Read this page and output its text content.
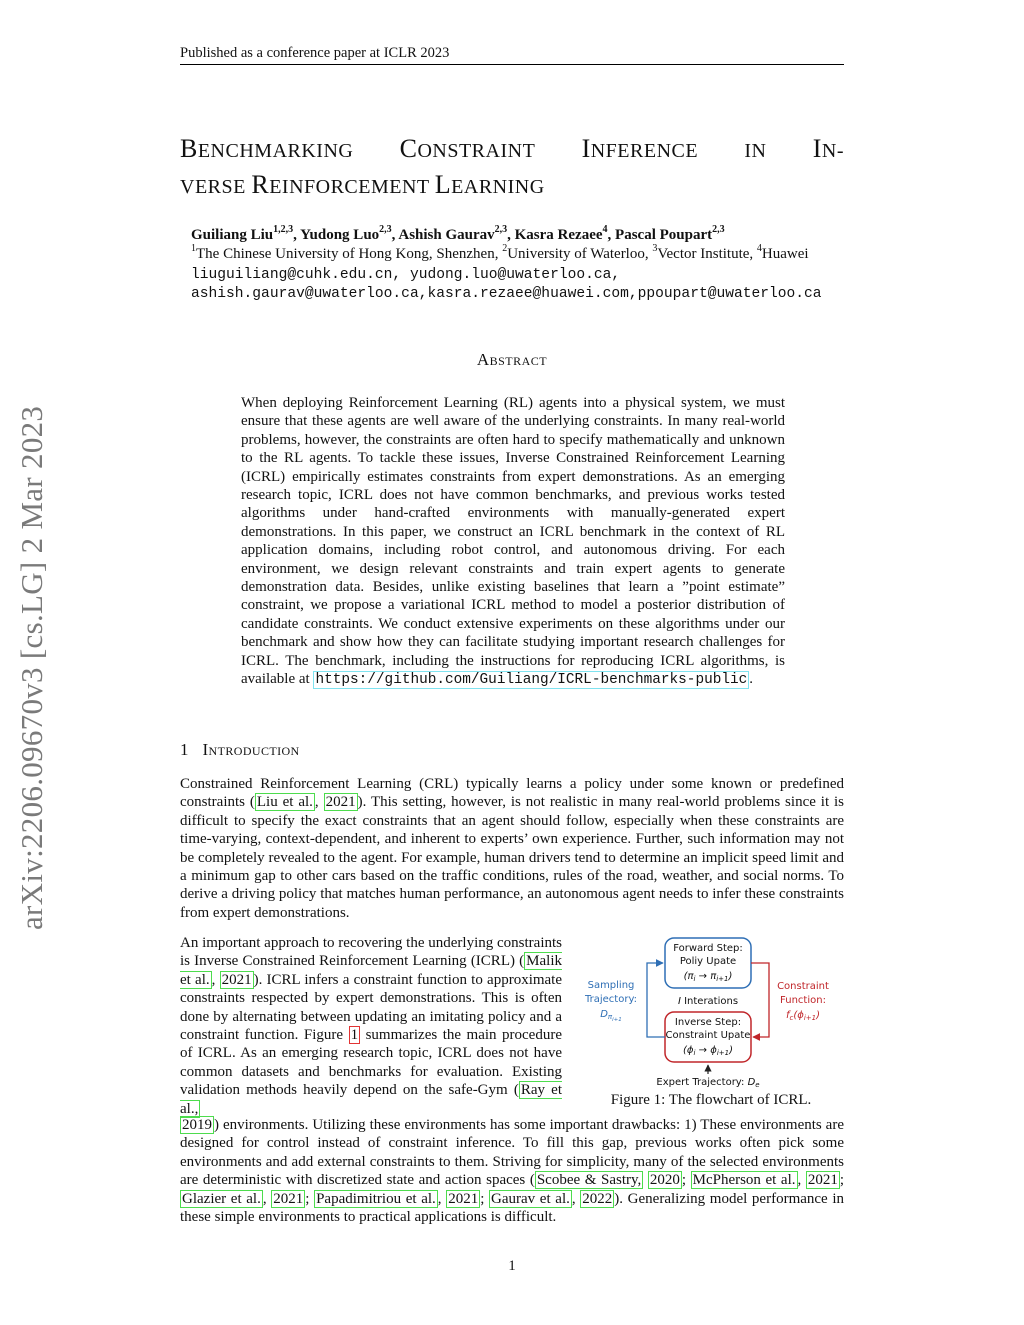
Published as a conference paper at ICLR 2023
arXiv:2206.09670v3 [cs.LG] 2 Mar 2023
BENCHMARKING CONSTRAINT INFERENCE IN IN-
VERSE REINFORCEMENT LEARNING
Guiliang Liu$^{1,2,3}$, Yudong Luo$^{2,3}$, Ashish Gaurav$^{2,3}$, Kasra Rezaee$^4$, Pascal Poupart$^{2,3}$
$^1$The Chinese University of Hong Kong, Shenzhen, $^2$University of Waterloo, $^3$Vector Institute, $^4$Huawei
liuguiliang@cuhk.edu.cn, yudong.luo@uwaterloo.ca,
ashish.gaurav@uwaterloo.ca,kasra.rezaee@huawei.com,ppoupart@uwaterloo.ca
Abstract
When deploying Reinforcement Learning (RL) agents into a physical system, we must ensure that these agents are well aware of the underlying constraints. In many real-world problems, however, the constraints are often hard to specify mathematically and unknown to the RL agents. To tackle these issues, Inverse Constrained Reinforcement Learning (ICRL) empirically estimates constraints from expert demonstrations. As an emerging research topic, ICRL does not have common benchmarks, and previous works tested algorithms under hand-crafted environments with manually-generated expert demonstrations. In this paper, we construct an ICRL benchmark in the context of RL application domains, including robot control, and autonomous driving. For each environment, we design relevant constraints and train expert agents to generate demonstration data. Besides, unlike existing baselines that learn a ”point estimate” constraint, we propose a variational ICRL method to model a posterior distribution of candidate constraints. We conduct extensive experiments on these algorithms under our benchmark and show how they can facilitate studying important research challenges for ICRL. The benchmark, including the instructions for reproducing ICRL algorithms, is available at https://github.com/Guiliang/ICRL-benchmarks-public .
1 Introduction
Constrained Reinforcement Learning (CRL) typically learns a policy under some known or predefined constraints ( Liu et al. , 2021 ). This setting, however, is not realistic in many real-world problems since it is difficult to specify the exact constraints that an agent should follow, especially when these constraints are time-varying, context-dependent, and inherent to experts’ own experience. Further, such information may not be completely revealed to the agent. For example, human drivers tend to determine an implicit speed limit and a minimum gap to other cars based on the traffic conditions, rules of the road, weather, and social norms. To derive a driving policy that matches human performance, an autonomous agent needs to infer these constraints from expert demonstrations.
An important approach to recovering the underlying constraints is Inverse Constrained Reinforcement Learning (ICRL) ( Malik et al. , 2021 ). ICRL infers a constraint function to approximate constraints respected by expert demonstrations. This is often done by alternating between updating an imitating policy and a constraint function. Figure 1 summarizes the main procedure of ICRL. As an emerging research topic, ICRL does not have common datasets and benchmarks for evaluation. Existing validation methods heavily depend on the safe-Gym ( Ray et al.,
2019 ) environments. Utilizing these environments has some important drawbacks: 1) These environments are designed for control instead of constraint inference. To fill this gap, previous works often pick some environments and add external constraints to them. Striving for simplicity, many of the selected environments are deterministic with discretized state and action spaces ( Scobee & Sastry, 2020 ; McPherson et al. , 2021 ; Glazier et al. , 2021 ; Papadimitriou et al. , 2021 ; Gaurav et al. , 2022 ). Generalizing model performance in these simple environments to practical applications is difficult.
Forward Step:
Poliy Upate
$(\pi_i \to \pi_{i+1})$
I Interations
Inverse Step:
Constraint Upate
$(\phi_i \to \phi_{i+1})$
Sampling
Trajectory:
$D_{\pi i+1}$
Constraint
Function:
$f_c(\phi_{i+1})$
Expert Trajectory: $D_e$
Figure 1: The flowchart of ICRL.
1
